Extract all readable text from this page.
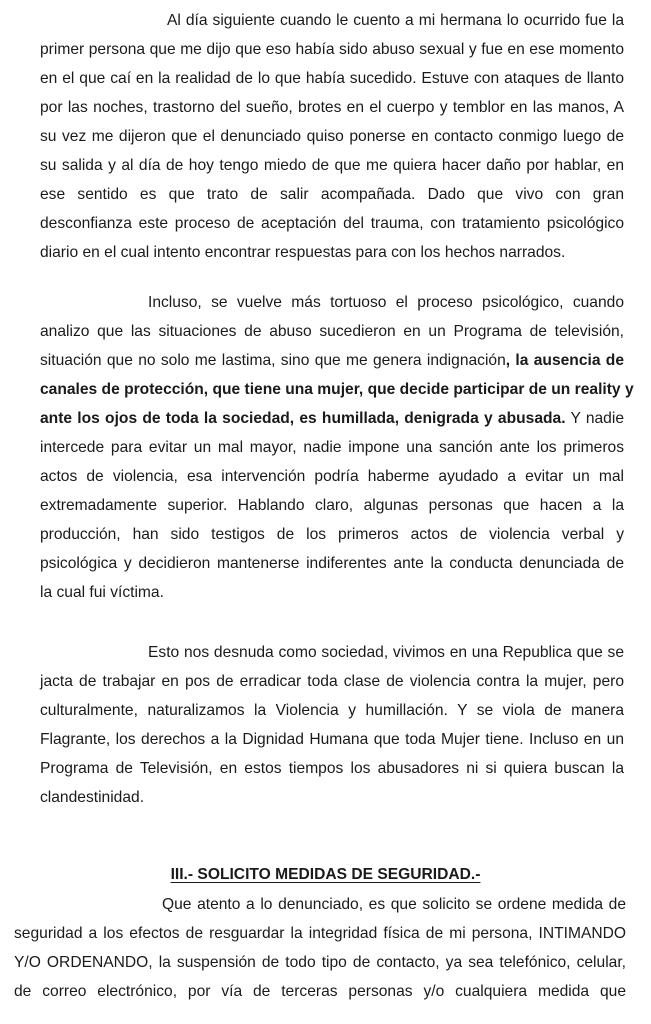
Al día siguiente cuando le cuento a mi hermana lo ocurrido fue la
primer persona que me dijo que eso había sido abuso sexual y fue en ese momento
en el que caí en la realidad de lo que había sucedido. Estuve con ataques de llanto
por las noches, trastorno del sueño, brotes en el cuerpo y temblor en las manos, A
su vez me dijeron que el denunciado quiso ponerse en contacto conmigo luego de
su salida y al día de hoy tengo miedo de que me quiera hacer daño por hablar, en
ese sentido es que trato de salir acompañada. Dado que vivo con gran
desconfianza este proceso de aceptación del trauma, con tratamiento psicológico
diario en el cual intento encontrar respuestas para con los hechos narrados.

Incluso, se vuelve más tortuoso el proceso psicológico, cuando
analizo que las situaciones de abuso sucedieron en un Programa de televisión,
situación que no solo me lastima, sino que me genera indignación, la ausencia de
canales de protección, que tiene una mujer, que decide participar de un reality y
ante los ojos de toda la sociedad, es humillada, denigrada y abusada. Y nadie
intercede para evitar un mal mayor, nadie impone una sanción ante los primeros
actos de violencia, esa intervención podría haberme ayudado a evitar un mal
extremadamente superior. Hablando claro, algunas personas que hacen a la
producción, han sido testigos de los primeros actos de violencia verbal y
psicológica y decidieron mantenerse indiferentes ante la conducta denunciada de
la cual fui víctima.

Esto nos desnuda como sociedad, vivimos en una Republica que se
jacta de trabajar en pos de erradicar toda clase de violencia contra la mujer, pero
culturalmente, naturalizamos la Violencia y humillación. Y se viola de manera
Flagrante, los derechos a la Dignidad Humana que toda Mujer tiene. Incluso en un
Programa de Televisión, en estos tiempos los abusadores ni si quiera buscan la
clandestinidad.

III.- SOLICITO MEDIDAS DE SEGURIDAD.-

Que atento a lo denunciado, es que solicito se ordene medida de
seguridad a los efectos de resguardar la integridad física de mi persona, INTIMANDO
Y/O ORDENANDO, la suspensión de todo tipo de contacto, ya sea telefónico, celular,
de correo electrónico, por vía de terceras personas y/o cualquiera medida que
